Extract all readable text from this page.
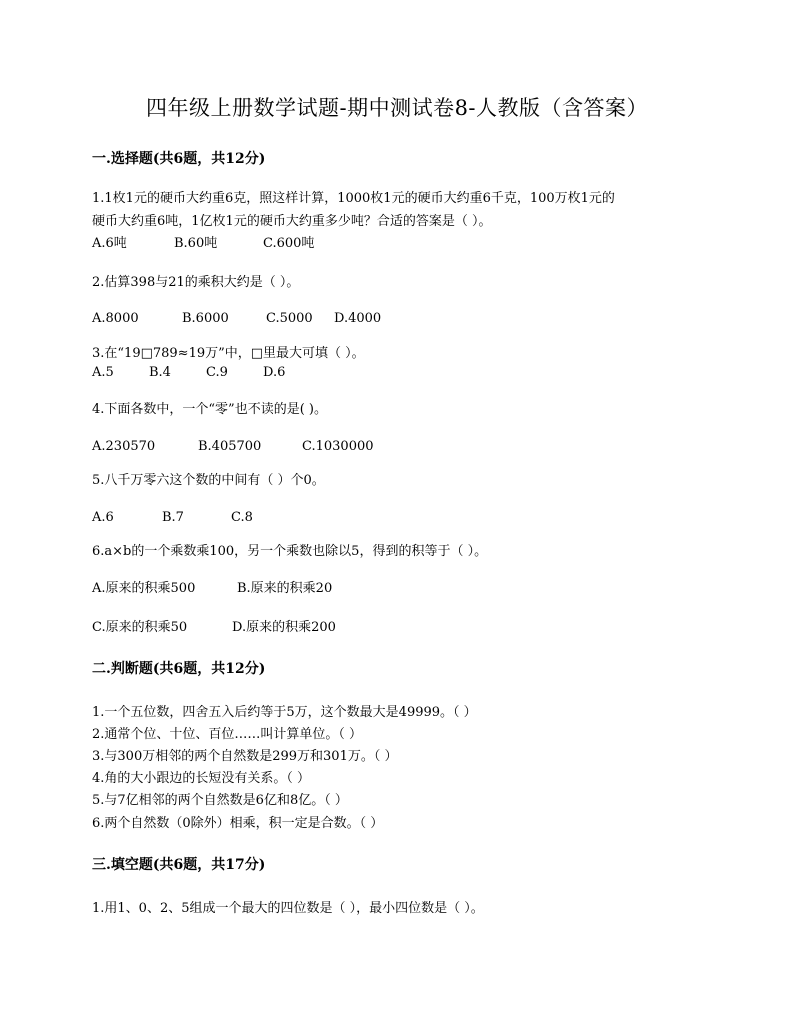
四年级上册数学试题-期中测试卷8-人教版（含答案）
一.选择题(共6题，共12分)
1.1枚1元的硬币大约重6克，照这样计算，1000枚1元的硬币大约重6千克，100万枚1元的
硬币大约重6吨，1亿枚1元的硬币大约重多少吨？合适的答案是（ ）。
A.6吨	B.60吨	C.600吨
2.估算398与21的乘积大约是（ ）。
A.8000	B.6000	C.5000 D.4000
3.在“19□789≈19万”中，□里最大可填（ ）。
A.5	B.4	C.9	D.6
4.下面各数中，一个“零”也不读的是( )。
A.230570	B.405700	C.1030000
5.八千万零六这个数的中间有（ ）个0。
A.6	B.7	C.8
6.a×b的一个乘数乘100，另一个乘数也除以5，得到的积等于（ ）。
A.原来的积乘500	B.原来的积乘20
C.原来的积乘50	D.原来的积乘200
二.判断题(共6题，共12分)
1.一个五位数，四舍五入后约等于5万，这个数最大是49999。（ ）
2.通常个位、十位、百位……叫计算单位。（ ）
3.与300万相邻的两个自然数是299万和301万。（ ）
4.角的大小跟边的长短没有关系。（ ）
5.与7亿相邻的两个自然数是6亿和8亿。（ ）
6.两个自然数（0除外）相乘，积一定是合数。（ ）
三.填空题(共6题，共17分)
1.用1、0、2、5组成一个最大的四位数是（ ），最小四位数是（ ）。
